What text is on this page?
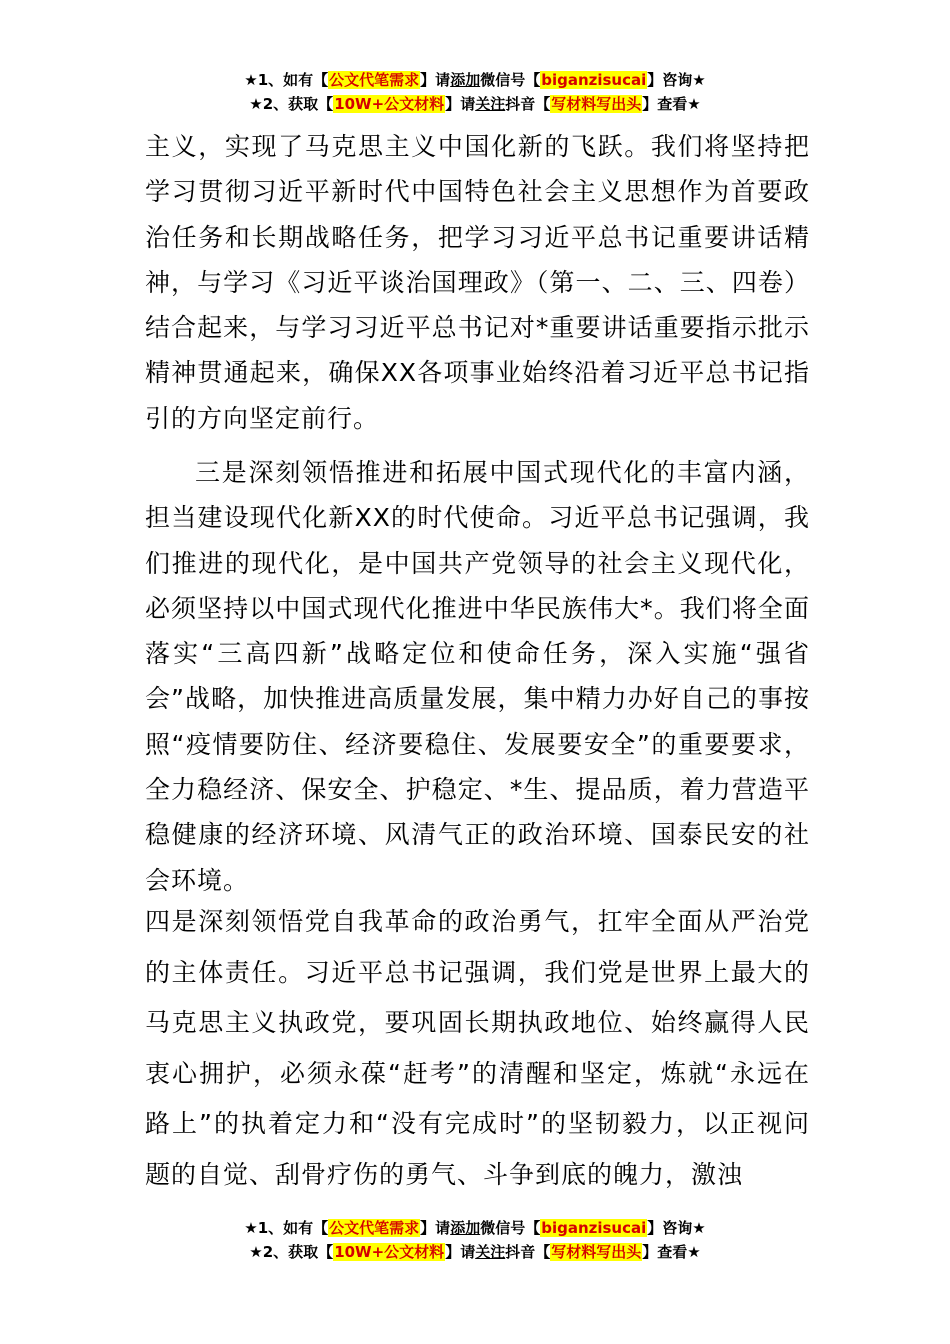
★1、如有【公文代笔需求】请添加微信号【biganzisucai】咨询★
★2、获取【10W+公文材料】请关注抖音【写材料写出头】查看★

主义，实现了马克思主义中国化新的飞跃。我们将坚持把学习贯彻习近平新时代中国特色社会主义思想作为首要政治任务和长期战略任务，把学习习近平总书记重要讲话精神，与学习《习近平谈治国理政》（第一、二、三、四卷）结合起来，与学习习近平总书记对*重要讲话重要指示批示精神贯通起来，确保XX各项事业始终沿着习近平总书记指引的方向坚定前行。

三是深刻领悟推进和拓展中国式现代化的丰富内涵，担当建设现代化新XX的时代使命。习近平总书记强调，我们推进的现代化，是中国共产党领导的社会主义现代化，必须坚持以中国式现代化推进中华民族伟大*。我们将全面落实“三高四新”战略定位和使命任务，深入实施“强省会”战略，加快推进高质量发展，集中精力办好自己的事按照“疫情要防住、经济要稳住、发展要安全”的重要要求，全力稳经济、保安全、护稳定、*生、提品质，着力营造平稳健康的经济环境、风清气正的政治环境、国泰民安的社会环境。

四是深刻领悟党自我革命的政治勇气，扛牢全面从严治党的主体责任。习近平总书记强调，我们党是世界上最大的马克思主义执政党，要巩固长期执政地位、始终赢得人民衷心拥护，必须永葆“赶考”的清醒和坚定，炼就“永远在路上”的执着定力和“没有完成时”的坚韧毅力，以正视问题的自觉、刮骨疗伤的勇气、斗争到底的魄力，激浊

★1、如有【公文代笔需求】请添加微信号【biganzisucai】咨询★
★2、获取【10W+公文材料】请关注抖音【写材料写出头】查看★
